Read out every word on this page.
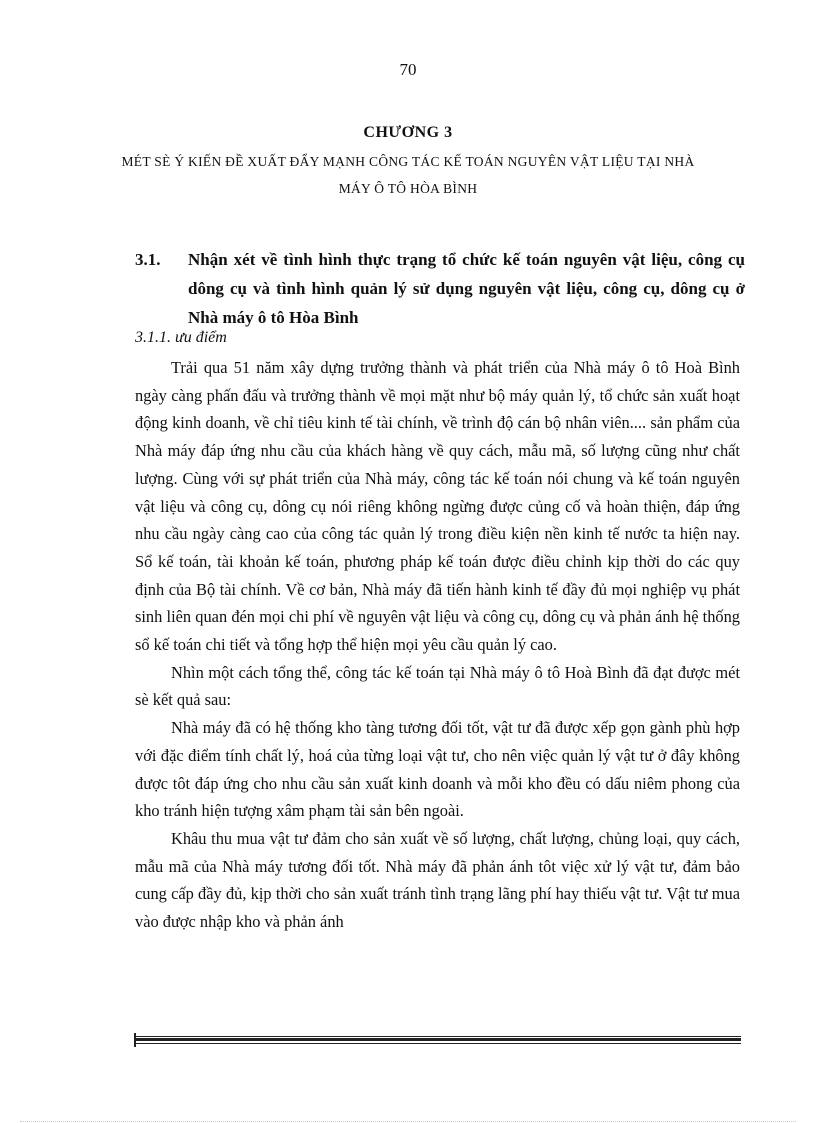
70
CHƯƠNG 3
MÉT SÈ Ý KIẾN ĐỀ XUẤT ĐẨY MẠNH CÔNG TÁC KẾ TOÁN NGUYÊN VẬT LIỆU TẠI NHÀ MÁY Ô TÔ HÒA BÌNH
3.1. Nhận xét về tình hình thực trạng tổ chức kế toán nguyên vật liệu, công cụ dông cụ và tình hình quản lý sử dụng nguyên vật liệu, công cụ, dông cụ ở Nhà máy ô tô Hòa Bình
3.1.1. ưu điểm

Trải qua 51 năm xây dựng trưởng thành và phát triển của Nhà máy ô tô Hoà Bình ngày càng phấn đấu và trưởng thành về mọi mặt như bộ máy quản lý, tổ chức sản xuất hoạt động kinh doanh, về chỉ tiêu kinh tế tài chính, về trình độ cán bộ nhân viên.... sản phẩm của Nhà máy đáp ứng nhu cầu của khách hàng về quy cách, mẫu mã, số lượng cũng như chất lượng. Cùng với sự phát triển của Nhà máy, công tác kế toán nói chung và kế toán nguyên vật liệu và công cụ, dông cụ nói riêng không ngừng được củng cố và hoàn thiện, đáp ứng nhu cầu ngày càng cao của công tác quản lý trong điều kiện nền kinh tế nước ta hiện nay. Sổ kế toán, tài khoản kế toán, phương pháp kế toán được điều chỉnh kịp thời do các quy định của Bộ tài chính. Về cơ bản, Nhà máy đã tiến hành kinh tế đầy đủ mọi nghiệp vụ phát sinh liên quan đén mọi chi phí về nguyên vật liệu và công cụ, dông cụ và phản ánh hệ thống sổ kế toán chi tiết và tổng hợp thể hiện mọi yêu cầu quản lý cao.

Nhìn một cách tổng thể, công tác kế toán tại Nhà máy ô tô Hoà Bình đã đạt được mét sè kết quả sau:

Nhà máy đã có hệ thống kho tàng tương đối tốt, vật tư đã được xếp gọn gành phù hợp với đặc điểm tính chất lý, hoá của từng loại vật tư, cho nên việc quản lý vật tư ở đây không được tôt đáp ứng cho nhu cầu sản xuất kinh doanh và mỗi kho đều có dấu niêm phong của kho tránh hiện tượng xâm phạm tài sản bên ngoài.

Khâu thu mua vật tư đảm cho sản xuất về số lượng, chất lượng, chủng loại, quy cách, mẫu mã của Nhà máy tương đối tốt. Nhà máy đã phản ánh tôt việc xử lý vật tư, đảm bảo cung cấp đầy đủ, kịp thời cho sản xuất tránh tình trạng lãng phí hay thiếu vật tư. Vật tư mua vào được nhập kho và phản ánh
